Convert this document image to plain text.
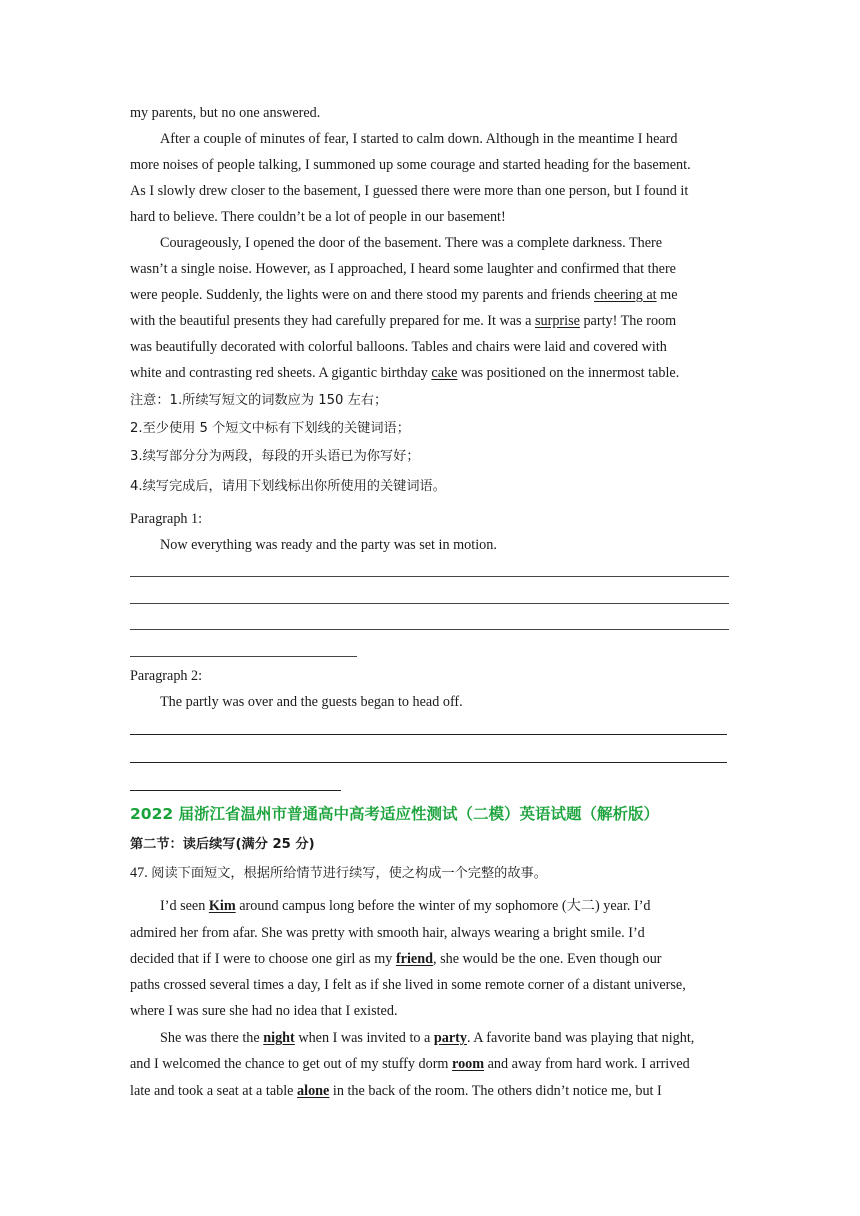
my parents, but no one answered.
After a couple of minutes of fear, I started to calm down. Although in the meantime I heard
more noises of people talking, I summoned up some courage and started heading for the basement.
As I slowly drew closer to the basement, I guessed there were more than one person, but I found it
hard to believe. There couldn’t be a lot of people in our basement!
Courageously, I opened the door of the basement. There was a complete darkness. There
wasn’t a single noise. However, as I approached, I heard some laughter and confirmed that there
were people. Suddenly, the lights were on and there stood my parents and friends cheering at me
with the beautiful presents they had carefully prepared for me. It was a surprise party! The room
was beautifully decorated with colorful balloons. Tables and chairs were laid and covered with
white and contrasting red sheets. A gigantic birthday cake was positioned on the innermost table.
注意：1.所续写短文的词数应为 150 左右；
2.至少使用 5 个短文中标有下划线的关键词语；
3.续写部分分为两段，每段的开头语已为你写好；
4.续写完成后，请用下划线标出你所使用的关键词语。
Paragraph 1:
Now everything was ready and the party was set in motion.
Paragraph 2:
The partly was over and the guests began to head off.
2022 届浙江省温州市普通高中高考适应性测试（二模）英语试题（解析版）
第二节：读后续写(满分 25 分)
47. 阅读下面短文，根据所给情节进行续写，使之构成一个完整的故事。
I’d seen Kim around campus long before the winter of my sophomore (大二) year. I’d
admired her from afar. She was pretty with smooth hair, always wearing a bright smile. I’d
decided that if I were to choose one girl as my friend, she would be the one. Even though our
paths crossed several times a day, I felt as if she lived in some remote corner of a distant universe,
where I was sure she had no idea that I existed.
She was there the night when I was invited to a party. A favorite band was playing that night,
and I welcomed the chance to get out of my stuffy dorm room and away from hard work. I arrived
late and took a seat at a table alone in the back of the room. The others didn’t notice me, but I
